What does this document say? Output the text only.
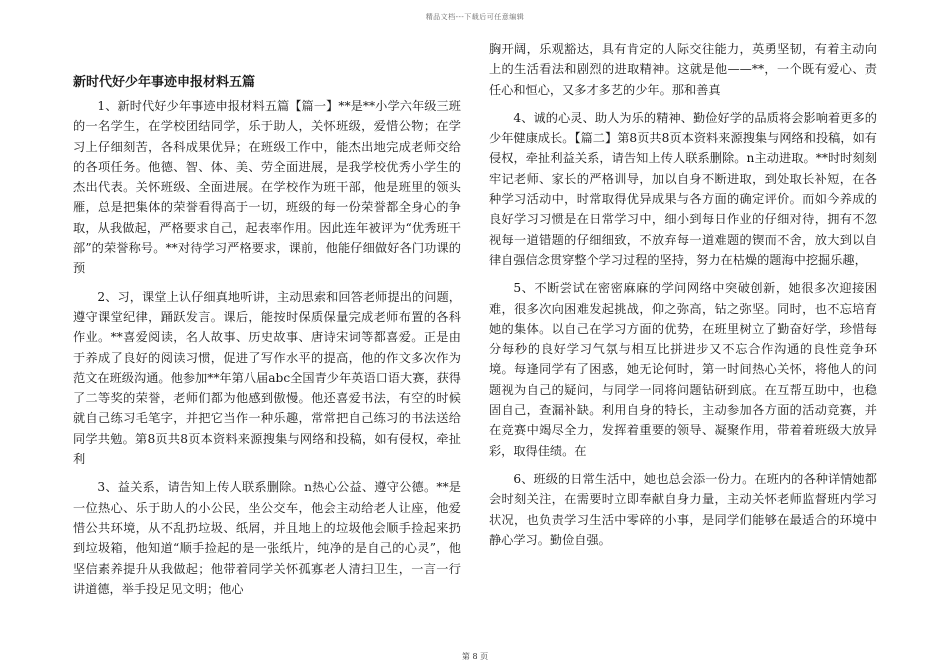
精品文档---下载后可任意编辑
新时代好少年事迹申报材料五篇

1、新时代好少年事迹申报材料五篇【篇一】**是**小学六年级三班的一名学生，在学校团结同学，乐于助人，关怀班级，爱惜公物；在学习上仔细刻苦，各科成果优异；在班级工作中，能杰出地完成老师交给的各项任务。他德、智、体、美、劳全面进展，是我学校优秀小学生的杰出代表。关怀班级、全面进展。在学校作为班干部，他是班里的领头雁，总是把集体的荣誉看得高于一切，班级的每一份荣誉都全身心的争取，从我做起，严格要求自己，起表率作用。因此连年被评为“优秀班干部”的荣誉称号。**对待学习严格要求，课前，他能仔细做好各门功课的预

2、习，课堂上认仔细真地听讲，主动思索和回答老师提出的问题，遵守课堂纪律，踊跃发言。课后，能按时保质保量完成老师布置的各科作业。**喜爱阅读，名人故事、历史故事、唐诗宋词等都喜爱。正是由于养成了良好的阅读习惯，促进了写作水平的提高，他的作文多次作为范文在班级沟通。他参加**年第八届abc全国青少年英语口语大赛，获得了二等奖的荣誉，老师们都为他感到傲慢。他还喜爱书法，有空的时候就自己练习毛笔字，并把它当作一种乐趣，常常把自己练习的书法送给同学共勉。第8页共8页本资料来源搜集与网络和投稿，如有侵权，牵扯利

3、益关系，请告知上传人联系删除。n热心公益、遵守公德。**是一位热心、乐于助人的小公民，坐公交车，他会主动给老人让座，他爱惜公共环境，从不乱扔垃圾、纸屑，并且地上的垃圾他会顺手捡起来扔到垃圾箱，他知道“顺手捡起的是一张纸片，纯净的是自己的心灵”，他坚信素养提升从我做起；他带着同学关怀孤寡老人清扫卫生，一言一行讲道德，举手投足见文明；他心

胸开阔，乐观豁达，具有肯定的人际交往能力，英勇坚韧，有着主动向上的生活看法和剧烈的进取精神。这就是他——**，一个既有爱心、责任心和恒心，又多才多艺的少年。那和善真

4、诚的心灵、助人为乐的精神、勤俭好学的品质将会影响着更多的少年健康成长。【篇二】第8页共8页本资料来源搜集与网络和投稿，如有侵权，牵扯利益关系，请告知上传人联系删除。n主动进取。**时时刻刻牢记老师、家长的严格训导，加以自身不断进取，到处取长补短，在各种学习活动中，时常取得优异成果与各方面的确定评价。而如今养成的良好学习习惯是在日常学习中，细小到每日作业的仔细对待，拥有不忽视每一道错题的仔细细致，不放弃每一道难题的锲而不舍，放大到以自律自强信念贯穿整个学习过程的坚持，努力在枯燥的题海中挖掘乐趣，

5、不断尝试在密密麻麻的学问网络中突破创新，她很多次迎接困难，很多次向困难发起挑战，仰之弥高，钻之弥坚。同时，也不忘培育她的集体。以自己在学习方面的优势，在班里树立了勤奋好学，珍惜每分每秒的良好学习气氛与相互比拼进步又不忘合作沟通的良性竞争环境。每逢同学有了困惑，她无论何时，第一时间热心关怀，将他人的问题视为自己的疑问，与同学一同将问题钻研到底。在互帮互助中，也稳固自己，查漏补缺。利用自身的特长，主动参加各方面的活动竞赛，并在竞赛中竭尽全力，发挥着重要的领导、凝聚作用，带着着班级大放异彩，取得佳绩。在

6、班级的日常生活中，她也总会添一份力。在班内的各种详情她都会时刻关注，在需要时立即奉献自身力量，主动关怀老师监督班内学习状况，也负责学习生活中零碎的小事，是同学们能够在最适合的环境中静心学习。勤俭自强。

第 8 页
